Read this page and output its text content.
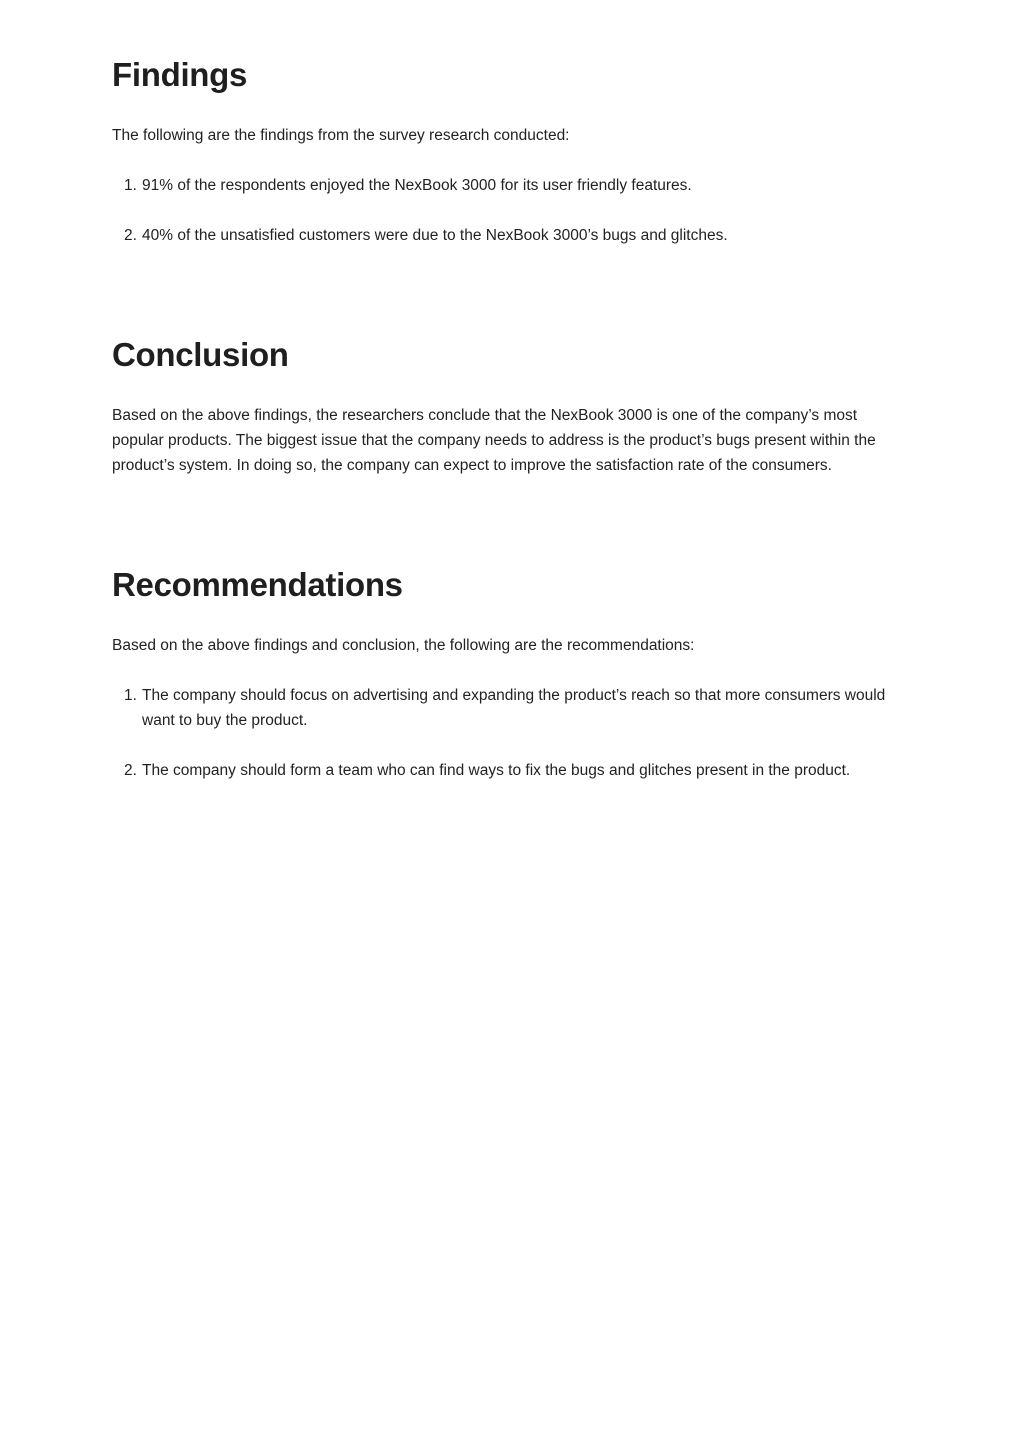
Findings

The following are the findings from the survey research conducted:

1. 91% of the respondents enjoyed the NexBook 3000 for its user friendly features.
2. 40% of the unsatisfied customers were due to the NexBook 3000’s bugs and glitches.
Conclusion

Based on the above findings, the researchers conclude that the NexBook 3000 is one of the company’s most popular products. The biggest issue that the company needs to address is the product’s bugs present within the product’s system. In doing so, the company can expect to improve the satisfaction rate of the consumers.

Recommendations

Based on the above findings and conclusion, the following are the recommendations:

1. The company should focus on advertising and expanding the product’s reach so that more consumers would want to buy the product.
2. The company should form a team who can find ways to fix the bugs and glitches present in the product.
